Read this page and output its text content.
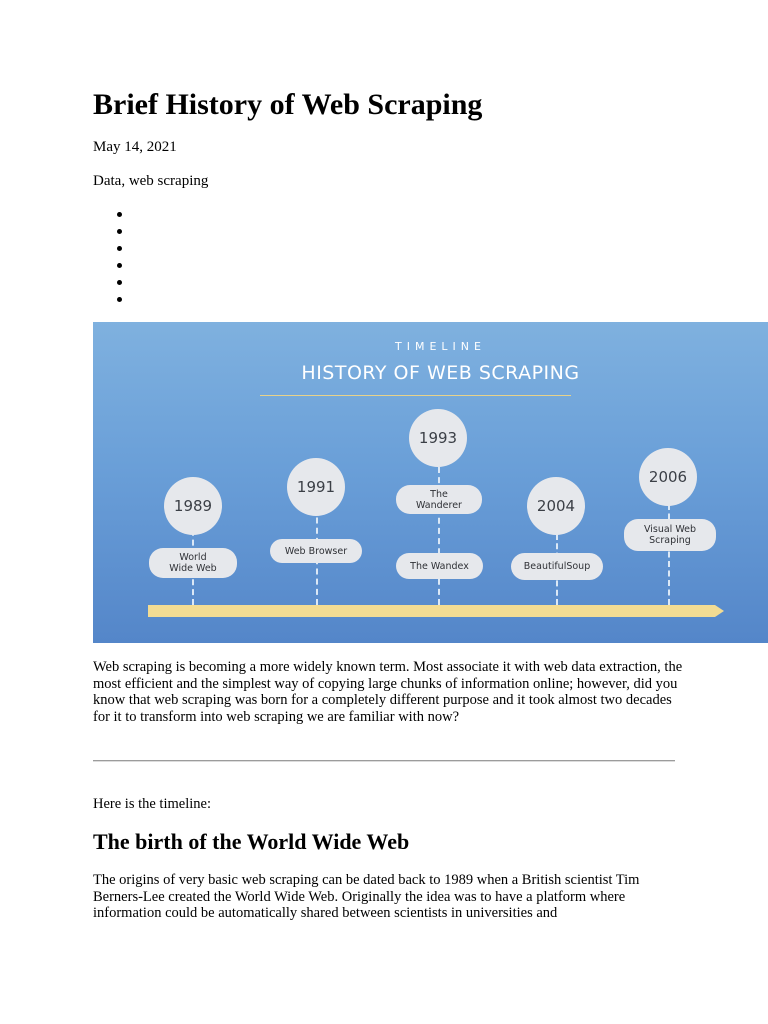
Brief History of Web Scraping

May 14, 2021

Data, web scraping

TIMELINE
HISTORY OF WEB SCRAPING
1989
World Wide Web
1991
Web Browser
1993
The Wanderer
The Wandex
2004
BeautifulSoup
2006
Visual Web Scraping

Web scraping is becoming a more widely known term. Most associate it with web data extraction, the most efficient and the simplest way of copying large chunks of information online; however, did you know that web scraping was born for a completely different purpose and it took almost two decades for it to transform into web scraping we are familiar with now?

Here is the timeline:

The birth of the World Wide Web

The origins of very basic web scraping can be dated back to 1989 when a British scientist Tim Berners-Lee created the World Wide Web. Originally the idea was to have a platform where information could be automatically shared between scientists in universities and
